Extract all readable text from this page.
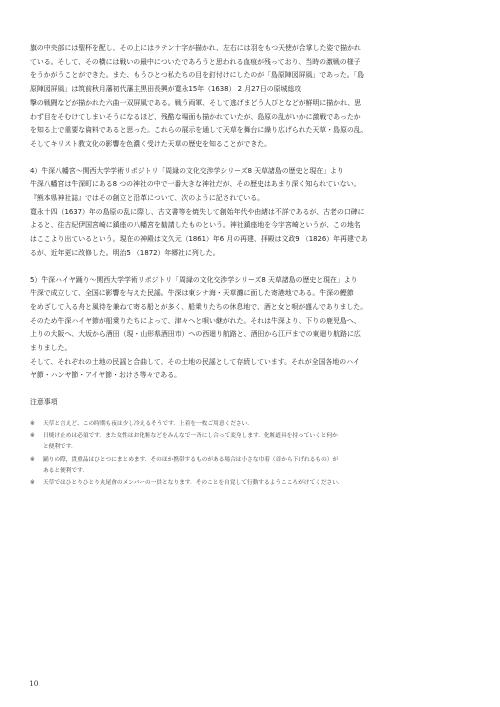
旗の中央部には聖杯を配し、その上にはラテン十字が描かれ、左右には羽をもつ天使が合掌した姿で描かれ
ている。そして、その横には戦いの最中についたであろうと思われる血痕が残っており、当時の激戦の様子
をうかがうことができた。また、もうひとつ私たちの目を釘付けにしたのが「島原陣図屏風」であった。「島
原陣図屏風」は筑前秋月藩初代藩主黒田長興が寛永15年（1638） 2 月27日の原城総攻
撃の戦闘などが描かれた六曲一双屏風である。戦う両軍、そして逃げまどう人びとなどが鮮明に描かれ、思
わず目をそむけてしまいそうになるほど、残酷な場面も描かれていたが、島原の乱がいかに激戦であったか
を知る上で重要な資料であると思った。これらの展示を通して天草を舞台に繰り広げられた天草・島原の乱、
そしてキリスト教文化の影響を色濃く受けた天草の歴史を知ることができた。

4）牛深八幡宮～関西大学学術リポジトリ「周縁の文化交渉学シリーズ8 天草諸島の歴史と現在」より
牛深八幡宮は牛深町にある8 つの神社の中で一番大きな神社だが、その歴史はあまり深く知られていない。
『熊本県神社誌』ではその創立と沿革について、次のように記されている。
寛永十四（1637）年の島原の乱に際し、古文書等を焼失して創始年代や由緒は不詳であるが、古老の口碑に
よると、往古紀伊国宮崎に鎮座の八幡宮を勧請したものという。神社鎮座地を今宇宮崎というが、この地名
はここより出ているという。現在の神殿は文久元（1861）年6 月の再建、拝殿は文政9 （1826）年再建であ
るが、近年更に改修した。明治5 （1872）年郷社に列した。

5）牛深ハイヤ踊り～関西大学学術リポジトリ「周縁の文化交渉学シリーズ8 天草諸島の歴史と現在」より
牛深で成立して、全国に影響を与えた民謡。牛深は東シナ海・天草灘に面した寄港地である。牛深の鰹節
をめざして入る舟と風待を兼ねて寄る船とが多く、船乗りたちの休息地で、酒と女と唄が盛んでありました。
そのため牛深ハイヤ節が船乗りたちによって、津々へと唄い継がれた。それは牛深より、下りの鹿児島へ、
上りの大阪へ、大坂から酒田（現・山形県酒田市）への西廻り航路と、酒田から江戸までの東廻り航路に広
まりました。
そして、それぞれの土地の民謡と合曲して、その土地の民謡として存続しています。それが全国各地のハイ
ヤ節・ハンヤ節・アイヤ節・おけさ等々である。

注意事項

※	天草と言えど、この時期も夜は少し冷えるそうです．上着を一枚ご用意ください．
※	日焼け止めは必須です．また女性はお化粧などをみんなで一斉にし合って変身します．化粧道具を持っていくと何か
と便利です．
※	踊りの際，貴重品はひとつにまとめます．そのほか携帯するものがある場合は小さな巾着（首から下げれるもの）が
あると便利です．
※	天草ではひとりひとり丸尾會のメンバーの一員となります．そのことを自覚して行動するようこころがけてください．
10
